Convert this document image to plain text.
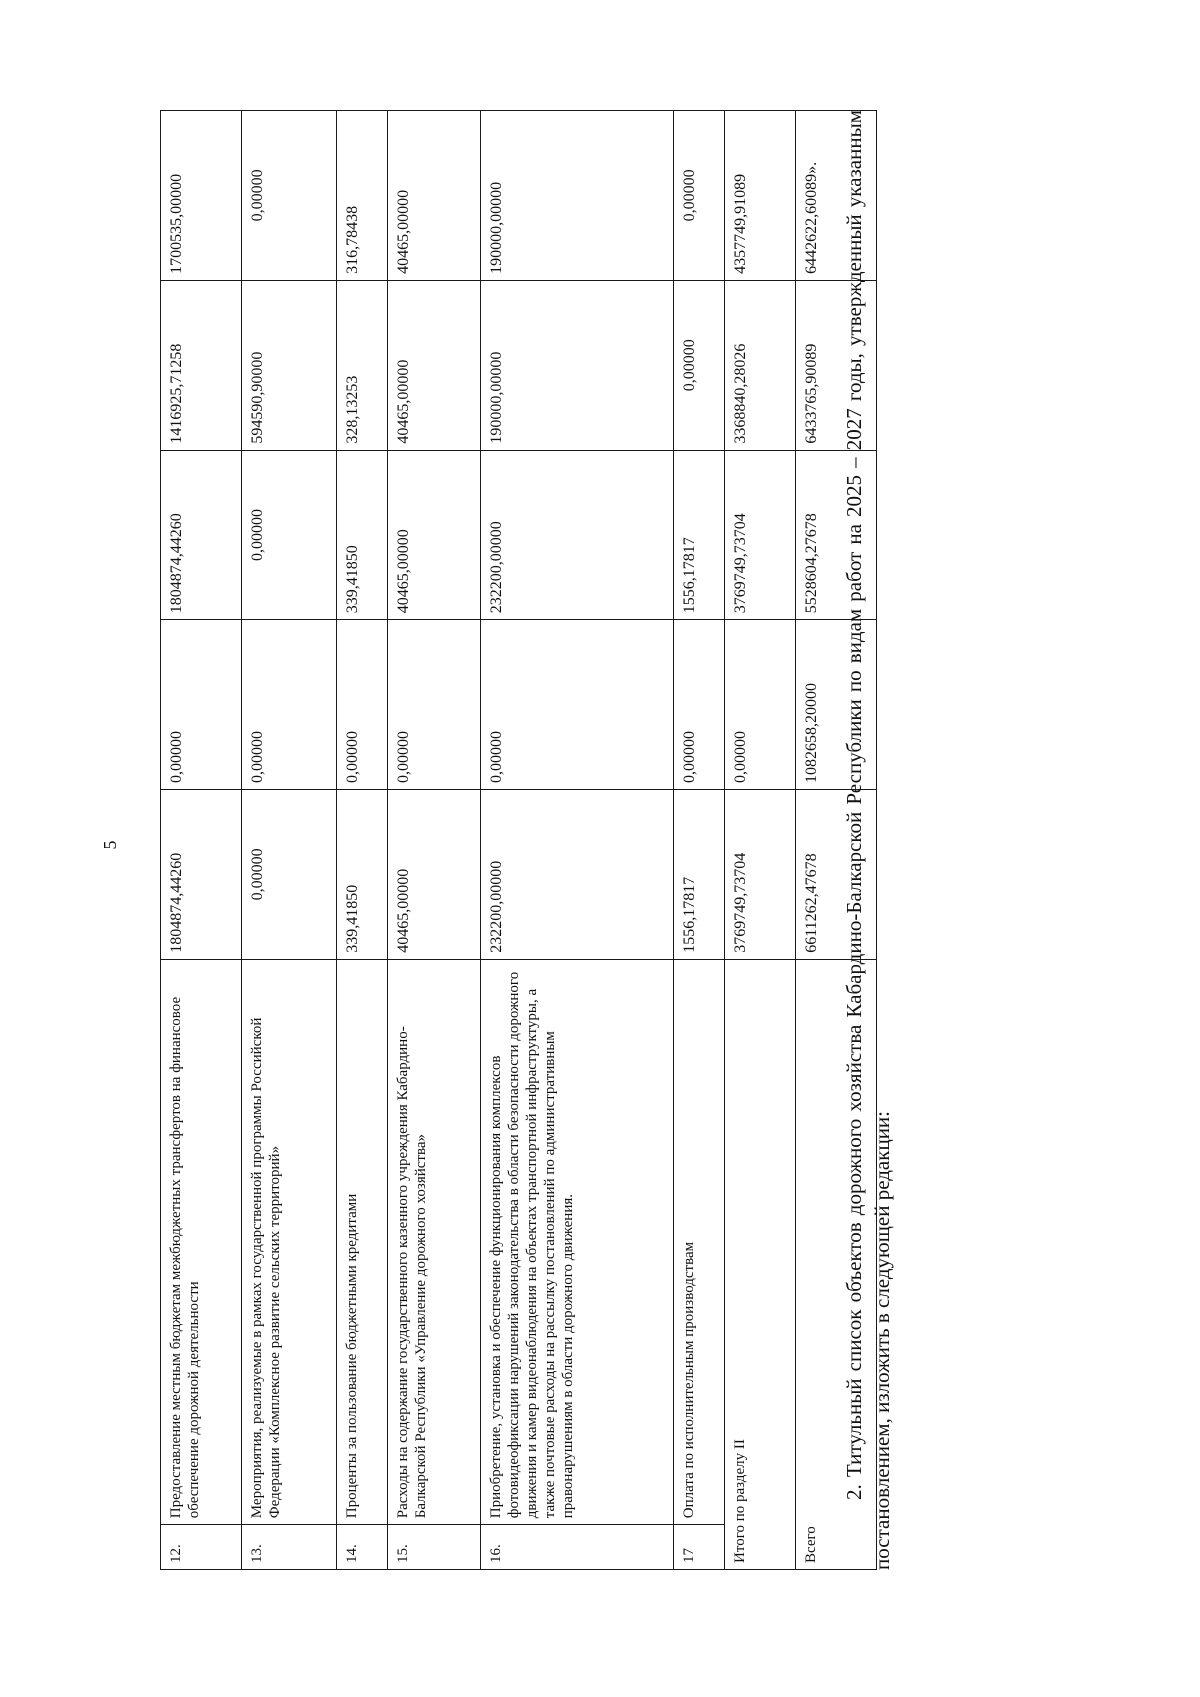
5
12.	Предоставление местным бюджетам межбюджетных трансфертов на финансовое обеспечение дорожной деятельности	1804874,44260	0,00000	1804874,44260	1416925,71258	1700535,00000
13.	Мероприятия, реализуемые в рамках государственной программы Российской Федерации «Комплексное развитие сельских территорий»	0,00000	0,00000	0,00000	594590,90000	0,00000
14.	Проценты за пользование бюджетными кредитами	339,41850	0,00000	339,41850	328,13253	316,78438
15.	Расходы на содержание государственного казенного учреждения Кабардино-Балкарской Республики «Управление дорожного хозяйства»	40465,00000	0,00000	40465,00000	40465,00000	40465,00000
16.	Приобретение, установка и обеспечение функционирования комплексов фотовидеофиксации нарушений законодательства в области безопасности дорожного движения и камер видеонаблюдения на объектах транспортной инфраструктуры, а также почтовые расходы на рассылку постановлений по административным правонарушениям в области дорожного движения.	232200,00000	0,00000	232200,00000	190000,00000	190000,00000
17	Оплата по исполнительным производствам	1556,17817	0,00000	1556,17817	0,00000	0,00000
Итого по разделу II		3769749,73704	0,00000	3769749,73704	3368840,28026	4357749,91089
Всего		6611262,47678	1082658,20000	5528604,27678	6433765,90089	6442622,60089». 2. Титульный список объектов дорожного хозяйства Кабардино-Балкарской Республики по видам работ на 2025 – 2027 годы, утвержденный указанным постановлением, изложить в следующей редакции:
